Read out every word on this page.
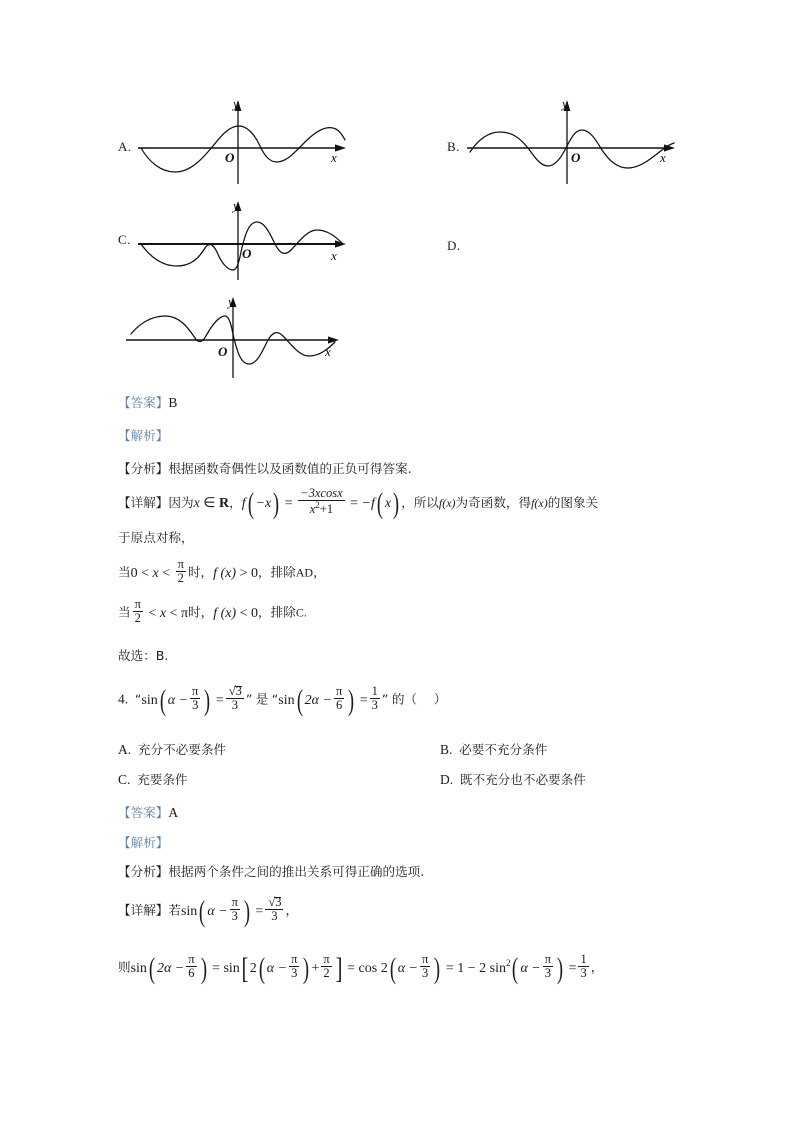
A.
y
O	x
B.
y
O	x
C.
y
O	x
D.
y
O	x
【答案】B
【解析】
【分析】根据函数奇偶性以及函数值的正负可得答案.
【详解】因为x ∈ R，$f( -x) = \frac{-3xcosx}{x^2+1} = -f$( x) ，所以f(x)为奇函数，得f(x)的图象关
于原点对称，
当$0 < x < \frac{\pi}{2}$ 时，f (x) > 0，排除AD，
当 $\frac{\pi}{2} < x < \pi$时，f (x) < 0，排除C.
故选：B.
4. “sin( $\alpha - \frac{\pi}{3}$ ) = √
3
3 ” 是 “sin( $2\alpha - \frac{\pi}{6}$ ) = $\frac{1}{3}$ ” 的（ ）
A. 充分不必要条件	B. 必要不充分条件
C. 充要条件	D. 既不充分也不必要条件
【答案】A
【解析】
【分析】根据两个条件之间的推出关系可得正确的选项.
【详解】若sin( $\alpha - \frac{\pi}{3}$ ) = √
3
3 ，
则sin( $2\alpha - \frac{\pi}{6}$ ) = sin[ 2( $\alpha - \frac{\pi}{3}$ ) + $\frac{\pi}{2}$ ] = cos 2( $\alpha - \frac{\pi}{3}$ ) = 1 − 2 $\sin^2$( $\alpha - \frac{\pi}{3}$ ) = $\frac{1}{3}$ ，
